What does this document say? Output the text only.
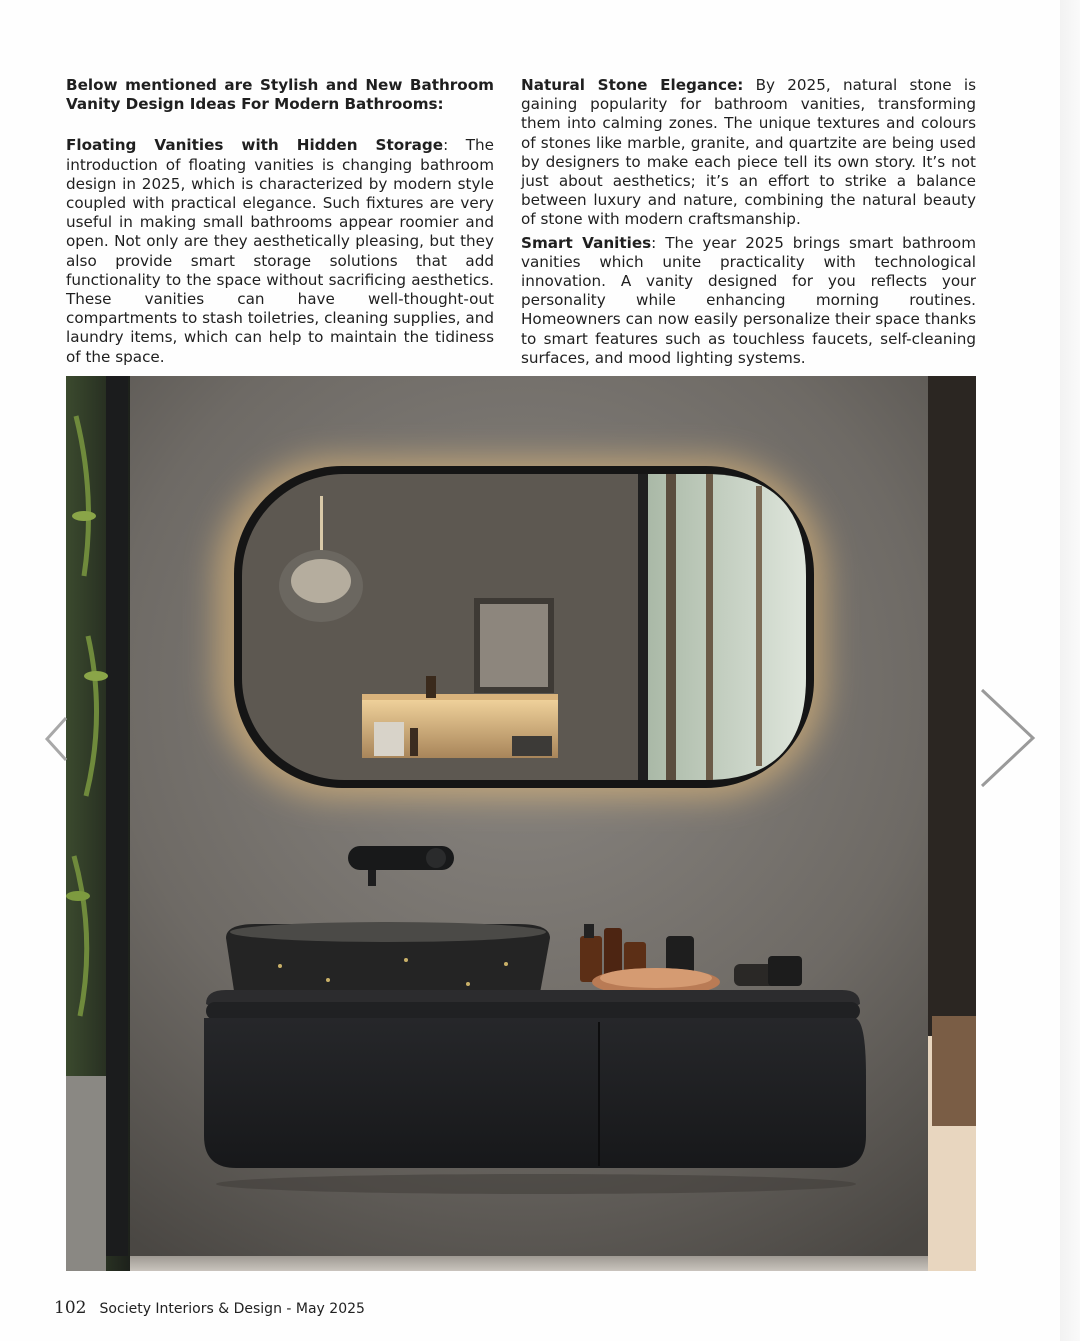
Below mentioned are Stylish and New Bathroom Vanity Design Ideas For Modern Bathrooms:

Floating Vanities with Hidden Storage: The introduction of floating vanities is changing bathroom design in 2025, which is characterized by modern style coupled with practical elegance. Such fixtures are very useful in making small bathrooms appear roomier and open. Not only are they aesthetically pleasing, but they also provide smart storage solutions that add functionality to the space without sacrificing aesthetics. These vanities can have well-thought-out compartments to stash toiletries, cleaning supplies, and laundry items, which can help to maintain the tidiness of the space.

Natural Stone Elegance: By 2025, natural stone is gaining popularity for bathroom vanities, transforming them into calming zones. The unique textures and colours of stones like marble, granite, and quartzite are being used by designers to make each piece tell its own story. It’s not just about aesthetics; it’s an effort to strike a balance between luxury and nature, combining the natural beauty of stone with modern craftsmanship.

Smart Vanities: The year 2025 brings smart bathroom vanities which unite practicality with technological innovation. A vanity designed for you reflects your personality while enhancing morning routines. Homeowners can now easily personalize their space thanks to smart features such as touchless faucets, self-cleaning surfaces, and mood lighting systems.

102 Society Interiors & Design - May 2025
